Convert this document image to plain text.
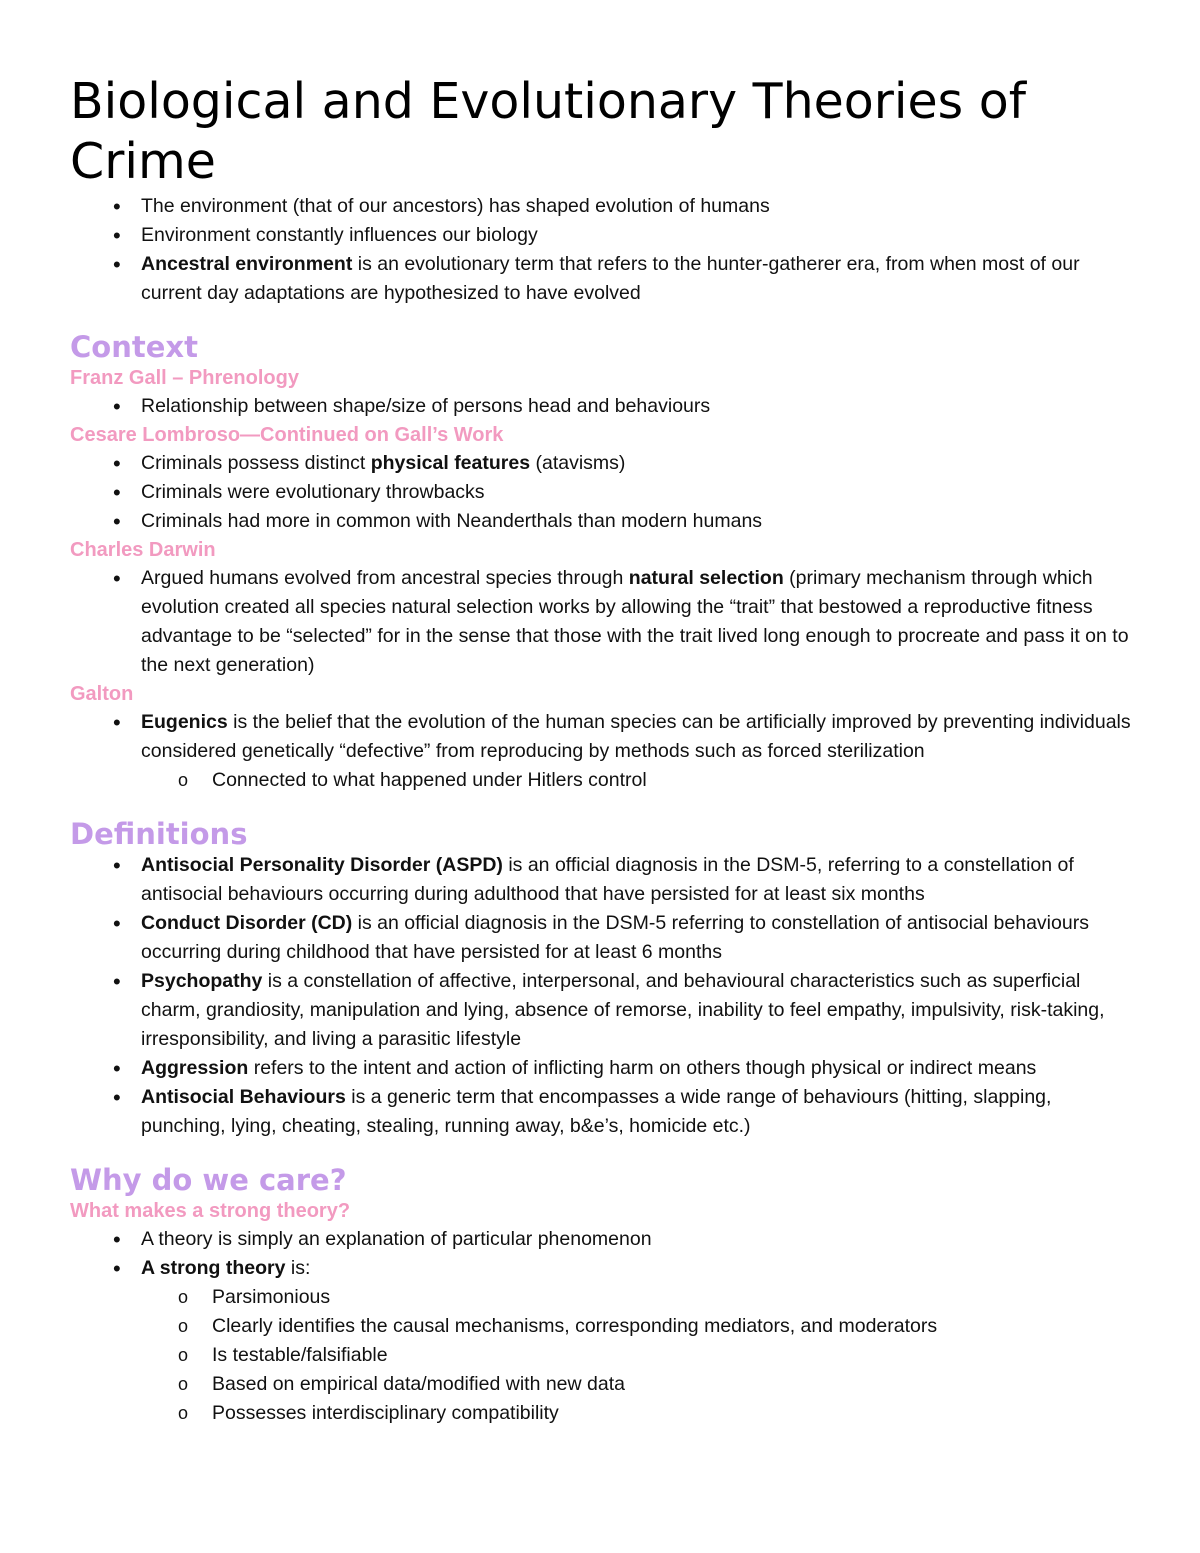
Biological and Evolutionary Theories of Crime
• The environment (that of our ancestors) has shaped evolution of humans
• Environment constantly influences our biology
• Ancestral environment is an evolutionary term that refers to the hunter-gatherer era, from when most of our current day adaptations are hypothesized to have evolved
Context
Franz Gall – Phrenology
• Relationship between shape/size of persons head and behaviours
Cesare Lombroso—Continued on Gall’s Work
• Criminals possess distinct physical features (atavisms)
• Criminals were evolutionary throwbacks
• Criminals had more in common with Neanderthals than modern humans
Charles Darwin
• Argued humans evolved from ancestral species through natural selection (primary mechanism through which evolution created all species natural selection works by allowing the “trait” that bestowed a reproductive fitness advantage to be “selected” for in the sense that those with the trait lived long enough to procreate and pass it on to the next generation)
Galton
• Eugenics is the belief that the evolution of the human species can be artificially improved by preventing individuals considered genetically “defective” from reproducing by methods such as forced sterilization
o Connected to what happened under Hitlers control
Definitions
• Antisocial Personality Disorder (ASPD) is an official diagnosis in the DSM-5, referring to a constellation of antisocial behaviours occurring during adulthood that have persisted for at least six months
• Conduct Disorder (CD) is an official diagnosis in the DSM-5 referring to constellation of antisocial behaviours occurring during childhood that have persisted for at least 6 months
• Psychopathy is a constellation of affective, interpersonal, and behavioural characteristics such as superficial charm, grandiosity, manipulation and lying, absence of remorse, inability to feel empathy, impulsivity, risk-taking, irresponsibility, and living a parasitic lifestyle
• Aggression refers to the intent and action of inflicting harm on others though physical or indirect means
• Antisocial Behaviours is a generic term that encompasses a wide range of behaviours (hitting, slapping, punching, lying, cheating, stealing, running away, b&e’s, homicide etc.)
Why do we care?
What makes a strong theory?
• A theory is simply an explanation of particular phenomenon
• A strong theory is:
o Parsimonious
o Clearly identifies the causal mechanisms, corresponding mediators, and moderators
o Is testable/falsifiable
o Based on empirical data/modified with new data
o Possesses interdisciplinary compatibility
